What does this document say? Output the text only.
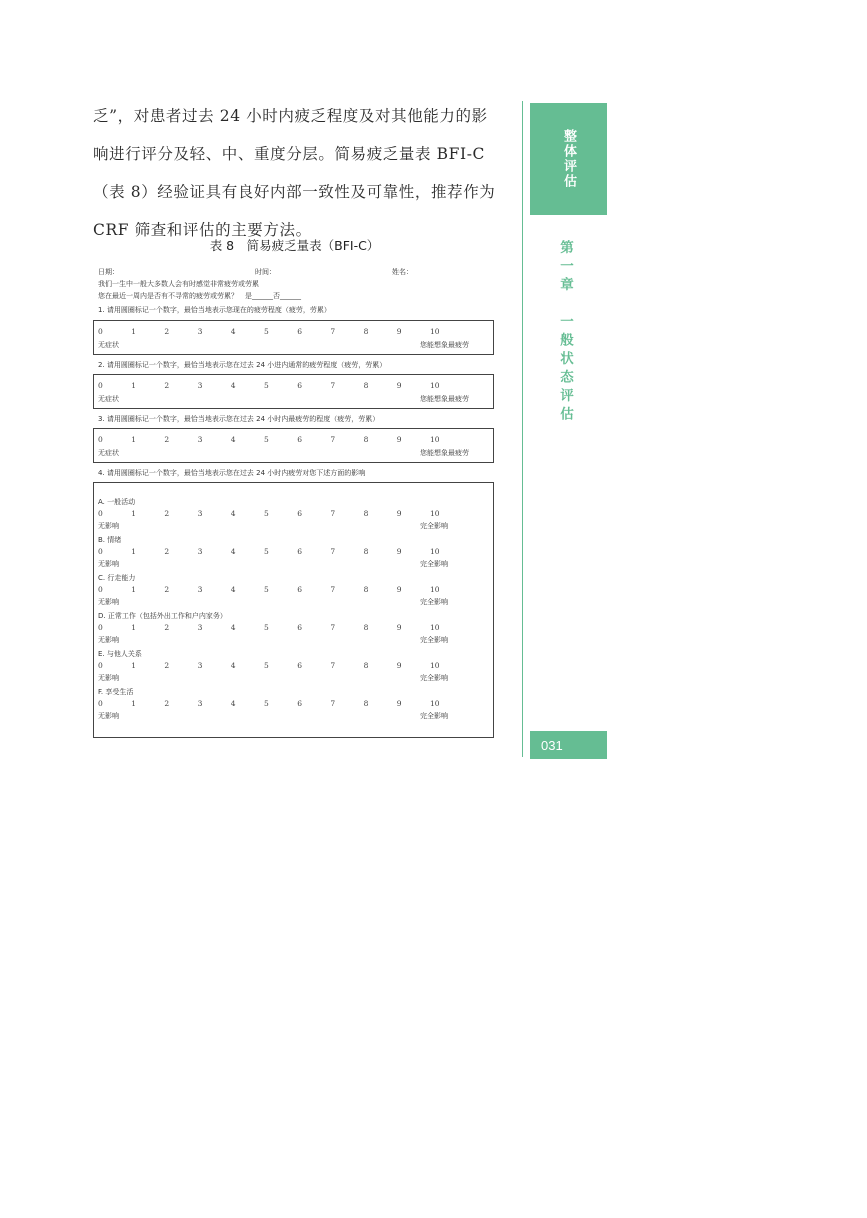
乏”，对患者过去 24 小时内疲乏程度及对其他能力的影
响进行评分及轻、中、重度分层。简易疲乏量表 BFI-C
（表 8）经验证具有良好内部一致性及可靠性，推荐作为
CRF 筛查和评估的主要方法。
表 8　简易疲乏量表（BFI-C）
日期：	时间：	姓名：
我们一生中一般大多数人会有时感觉非常疲劳或劳累
您在最近一周内是否有不寻常的疲劳或劳累？　是______否______
1. 请用圆圈标记一个数字，最恰当地表示您现在的疲劳程度（疲劳，劳累）
0	1	2	3	4	5	6	7	8	9	10
无症状	您能想象最疲劳
2. 请用圆圈标记一个数字，最恰当地表示您在过去 24 小进内通常的疲劳程度（疲劳，劳累）
0	1	2	3	4	5	6	7	8	9	10
无症状	您能想象最疲劳
3. 请用圆圈标记一个数字，最恰当地表示您在过去 24 小时内最疲劳的程度（疲劳，劳累）
0	1	2	3	4	5	6	7	8	9	10
无症状	您能想象最疲劳
4. 请用圆圈标记一个数字，最恰当地表示您在过去 24 小时内疲劳对您下述方面的影响
A. 一般活动
0	1	2	3	4	5	6	7	8	9	10
无影响	完全影响
B. 情绪
0	1	2	3	4	5	6	7	8	9	10
无影响	完全影响
C. 行走能力
0	1	2	3	4	5	6	7	8	9	10
无影响	完全影响
D. 正常工作（包括外出工作和户内家务）
0	1	2	3	4	5	6	7	8	9	10
无影响	完全影响
E. 与他人关系
0	1	2	3	4	5	6	7	8	9	10
无影响	完全影响
F. 享受生活
0	1	2	3	4	5	6	7	8	9	10
无影响	完全影响
整体评估
第一章　一般状态评估
031
